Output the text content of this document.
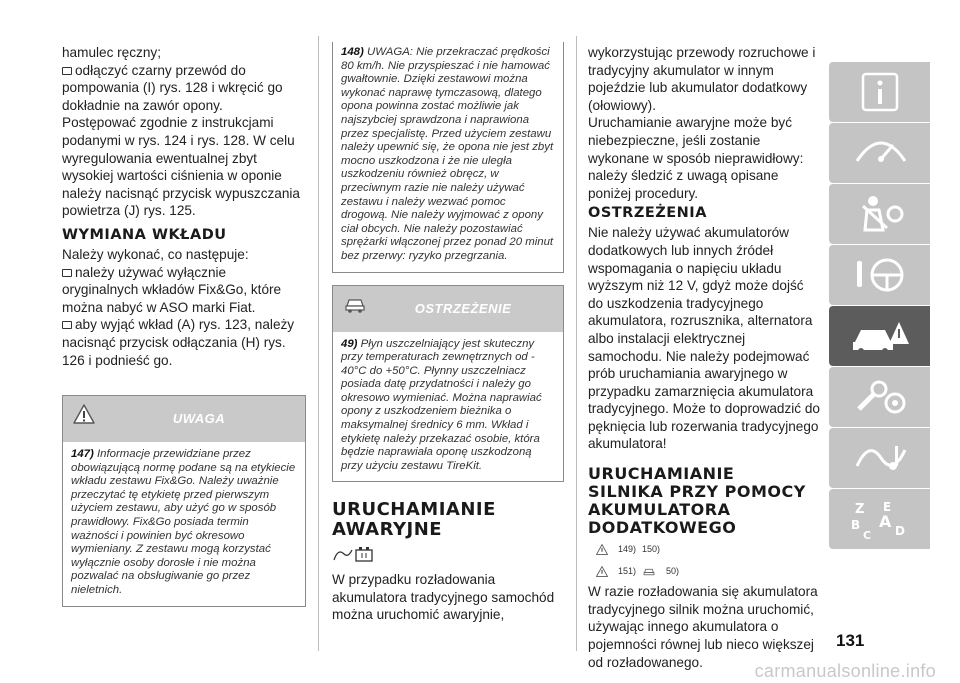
hamulec ręczny;

odłączyć czarny przewód do pompowania (I) rys. 128 i wkręcić go dokładnie na zawór opony.

Postępować zgodnie z instrukcjami podanymi w rys. 124 i rys. 128. W celu wyregulowania ewentualnej zbyt wysokiej wartości ciśnienia w oponie należy nacisnąć przycisk wypuszczania powietrza (J) rys. 125.

WYMIANA WKŁADU

Należy wykonać, co następuje:

należy używać wyłącznie oryginalnych wkładów Fix&Go, które można nabyć w ASO marki Fiat.

aby wyjąć wkład (A) rys. 123, należy nacisnąć przycisk odłączania (H) rys. 126 i podnieść go.

UWAGA
147) Informacje przewidziane przez obowiązującą normę podane są na etykiecie wkładu zestawu Fix&Go. Należy uważnie przeczytać tę etykietę przed pierwszym użyciem zestawu, aby użyć go w sposób prawidłowy. Fix&Go posiada termin ważności i powinien być okresowo wymieniany. Z zestawu mogą korzystać wyłącznie osoby dorosłe i nie można pozwalać na obsługiwanie go przez nieletnich.
148) UWAGA: Nie przekraczać prędkości 80 km/h. Nie przyspieszać i nie hamować gwałtownie. Dzięki zestawowi można wykonać naprawę tymczasową, dlatego opona powinna zostać możliwie jak najszybciej sprawdzona i naprawiona przez specjalistę. Przed użyciem zestawu należy upewnić się, że opona nie jest zbyt mocno uszkodzona i że nie uległa uszkodzeniu również obręcz, w przeciwnym razie nie należy używać zestawu i należy wezwać pomoc drogową. Nie należy wyjmować z opony ciał obcych. Nie należy pozostawiać sprężarki włączonej przez ponad 20 minut bez przerwy: ryzyko przegrzania.
OSTRZEŻENIE
49) Płyn uszczelniający jest skuteczny przy temperaturach zewnętrznych od - 40°C do +50°C. Płynny uszczelniacz posiada datę przydatności i należy go okresowo wymieniać. Można naprawiać opony z uszkodzeniem bieżnika o maksymalnej średnicy 6 mm. Wkład i etykietę należy przekazać osobie, która będzie naprawiała oponę uszkodzoną przy użyciu zestawu TireKit.
URUCHAMIANIE AWARYJNE

W przypadku rozładowania akumulatora tradycyjnego samochód można uruchomić awaryjnie,

wykorzystując przewody rozruchowe i tradycyjny akumulator w innym pojeździe lub akumulator dodatkowy (ołowiowy).

Uruchamianie awaryjne może być niebezpieczne, jeśli zostanie wykonane w sposób nieprawidłowy: należy śledzić z uwagą opisane poniżej procedury.

OSTRZEŻENIA

Nie należy używać akumulatorów dodatkowych lub innych źródeł wspomagania o napięciu układu wyższym niż 12 V, gdyż może dojść do uszkodzenia tradycyjnego akumulatora, rozrusznika, alternatora albo instalacji elektrycznej samochodu. Nie należy podejmować prób uruchamiania awaryjnego w przypadku zamarznięcia akumulatora tradycyjnego. Może to doprowadzić do pęknięcia lub rozerwania tradycyjnego akumulatora!

URUCHAMIANIE SILNIKA PRZY POMOCY AKUMULATORA DODATKOWEGO
149) 150)
151)	50)

W razie rozładowania się akumulatora tradycyjnego silnik można uruchomić, używając innego akumulatora o pojemności równej lub nieco większej od rozładowanego.

Z E
B A
C D
131
carmanualsonline.info
